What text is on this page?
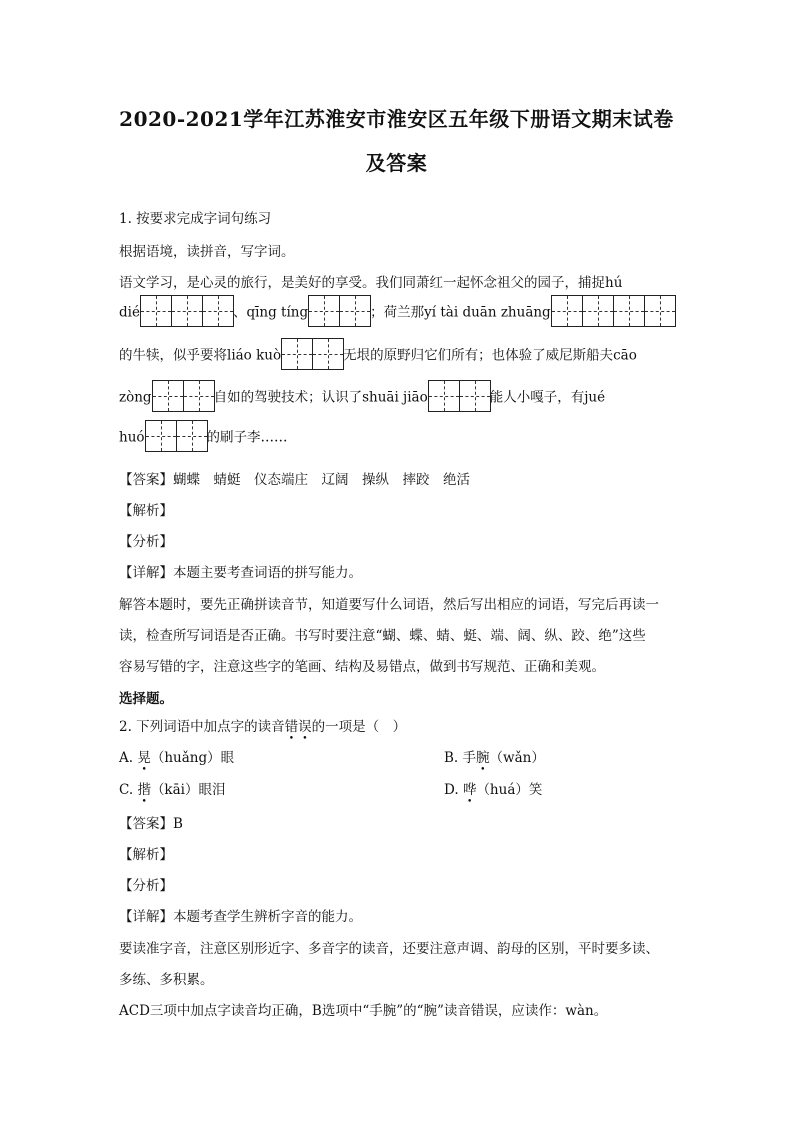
2020-2021学年江苏淮安市淮安区五年级下册语文期末试卷
及答案
1. 按要求完成字词句练习
根据语境，读拼音，写字词。
语文学习，是心灵的旅行，是美好的享受。我们同萧红一起怀念祖父的园子，捕捉hú
dié	、qīng tíng	；荷兰那yí tài duān zhuāng
的牛犊，似乎要将liáo kuò	无垠的原野归它们所有；也体验了威尼斯船夫cāo
zòng	自如的驾驶技术；认识了shuāi jiāo	能人小嘎子，有jué
huó	的刷子李……
【答案】蝴蝶　蜻蜓　仪态端庄　辽阔　操纵　摔跤　绝活
【解析】
【分析】
【详解】本题主要考查词语的拼写能力。
解答本题时，要先正确拼读音节，知道要写什么词语，然后写出相应的词语，写完后再读一
读，检查所写词语是否正确。书写时要注意“蝴、蝶、蜻、蜓、端、阔、纵、跤、绝”这些
容易写错的字，注意这些字的笔画、结构及易错点，做到书写规范、正确和美观。
选择题。
2. 下列词语中加点字的读音错误的一项是（　）
A. 晃（huǎng）眼	B. 手腕（wǎn）
C. 揩（kāi）眼泪	D. 哗（huá）笑
【答案】B
【解析】
【分析】
【详解】本题考查学生辨析字音的能力。
要读准字音，注意区别形近字、多音字的读音，还要注意声调、韵母的区别，平时要多读、
多练、多积累。
ACD三项中加点字读音均正确，B选项中“手腕”的“腕”读音错误，应读作：wàn。
